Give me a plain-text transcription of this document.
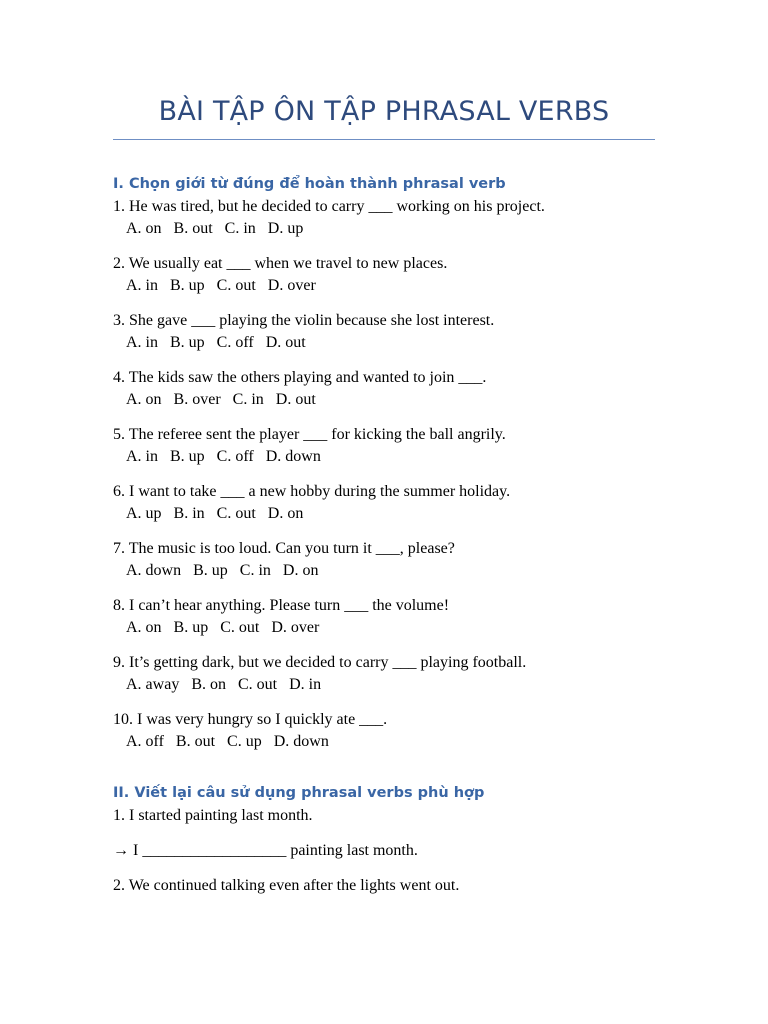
BÀI TẬP ÔN TẬP PHRASAL VERBS
I. Chọn giới từ đúng để hoàn thành phrasal verb
1. He was tired, but he decided to carry ___ working on his project.
A. on   B. out   C. in   D. up
2. We usually eat ___ when we travel to new places.
A. in   B. up   C. out   D. over
3. She gave ___ playing the violin because she lost interest.
A. in   B. up   C. off   D. out
4. The kids saw the others playing and wanted to join ___.
A. on   B. over   C. in   D. out
5. The referee sent the player ___ for kicking the ball angrily.
A. in   B. up   C. off   D. down
6. I want to take ___ a new hobby during the summer holiday.
A. up   B. in   C. out   D. on
7. The music is too loud. Can you turn it ___, please?
A. down   B. up   C. in   D. on
8. I can’t hear anything. Please turn ___ the volume!
A. on   B. up   C. out   D. over
9. It’s getting dark, but we decided to carry ___ playing football.
A. away   B. on   C. out   D. in
10. I was very hungry so I quickly ate ___.
A. off   B. out   C. up   D. down
II. Viết lại câu sử dụng phrasal verbs phù hợp
1. I started painting last month.
→ I __________________ painting last month.
2. We continued talking even after the lights went out.
